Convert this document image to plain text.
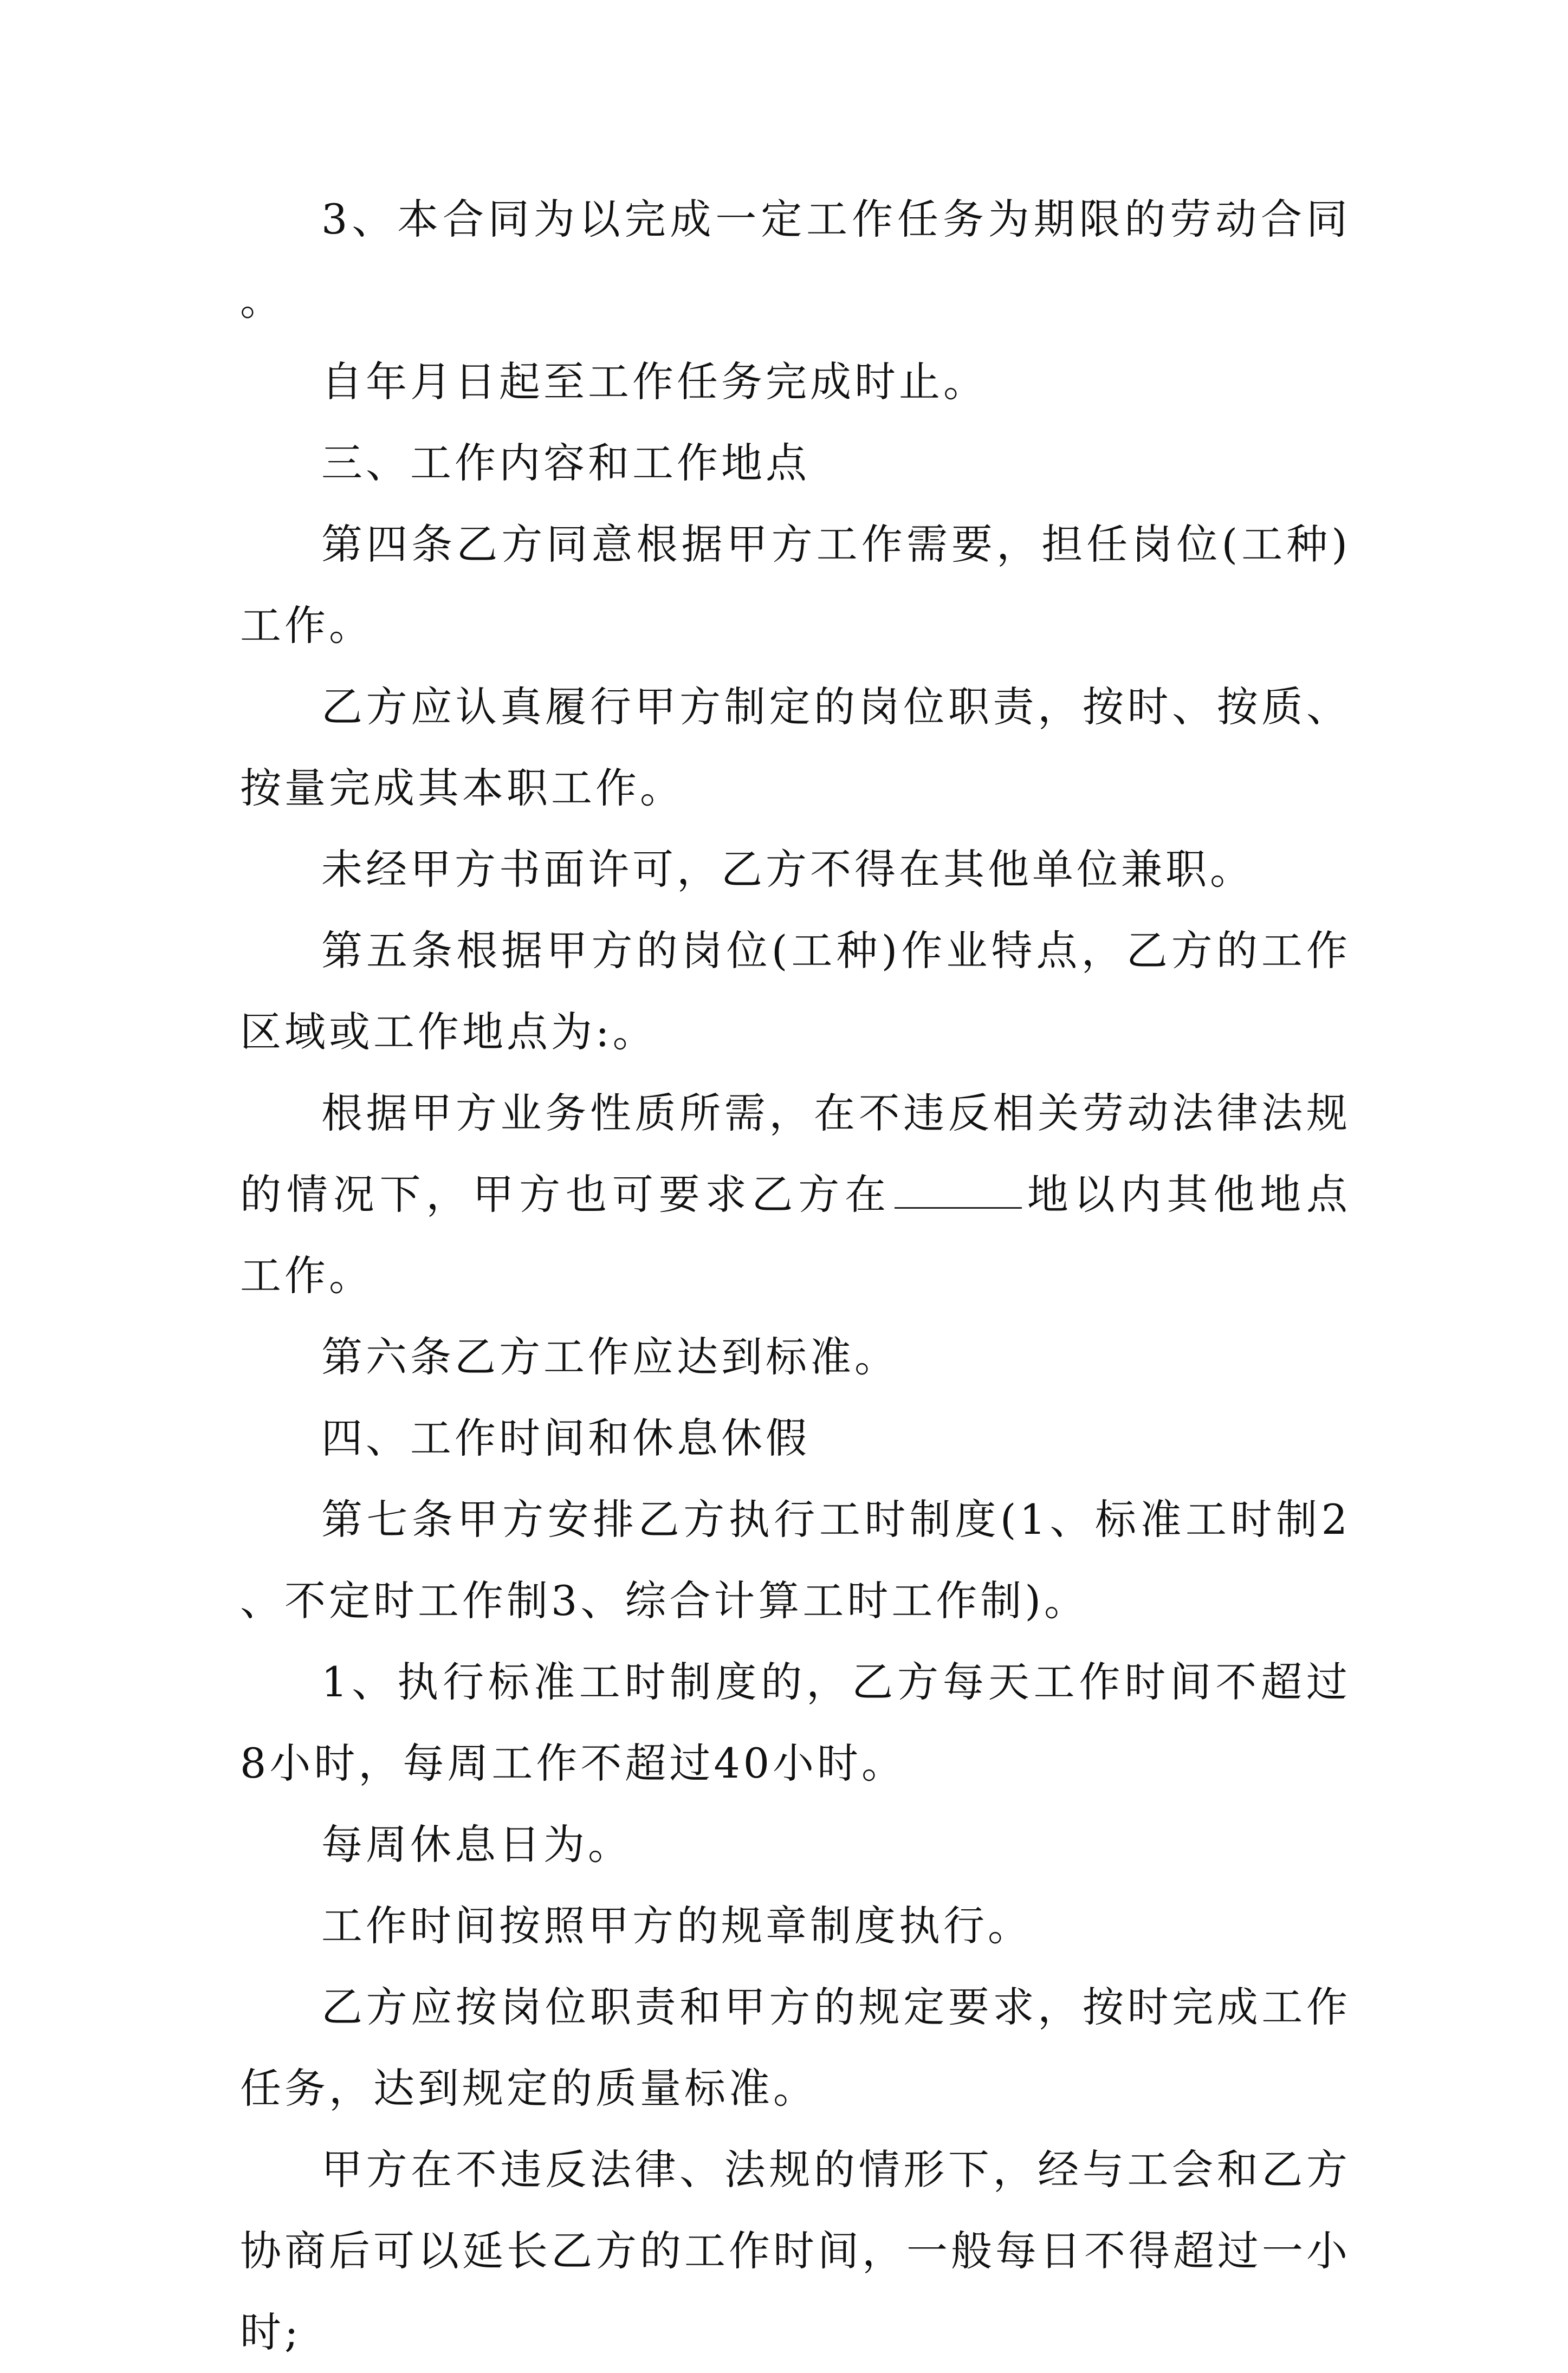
3、本合同为以完成一定工作任务为期限的劳动合同。

自年月日起至工作任务完成时止。

三、工作内容和工作地点

第四条乙方同意根据甲方工作需要，担任岗位(工种)工作。

乙方应认真履行甲方制定的岗位职责，按时、按质、按量完成其本职工作。

未经甲方书面许可，乙方不得在其他单位兼职。

第五条根据甲方的岗位(工种)作业特点，乙方的工作区域或工作地点为:。

根据甲方业务性质所需，在不违反相关劳动法律法规的情况下，甲方也可要求乙方在	地以内其他地点工作。

第六条乙方工作应达到标准。

四、工作时间和休息休假

第七条甲方安排乙方执行工时制度(1、标准工时制2、不定时工作制3、综合计算工时工作制)。

1、执行标准工时制度的，乙方每天工作时间不超过8小时，每周工作不超过40小时。

每周休息日为。

工作时间按照甲方的规章制度执行。

乙方应按岗位职责和甲方的规定要求，按时完成工作任务，达到规定的质量标准。

甲方在不违反法律、法规的情形下，经与工会和乙方协商后可以延长乙方的工作时间，一般每日不得超过一小时;
